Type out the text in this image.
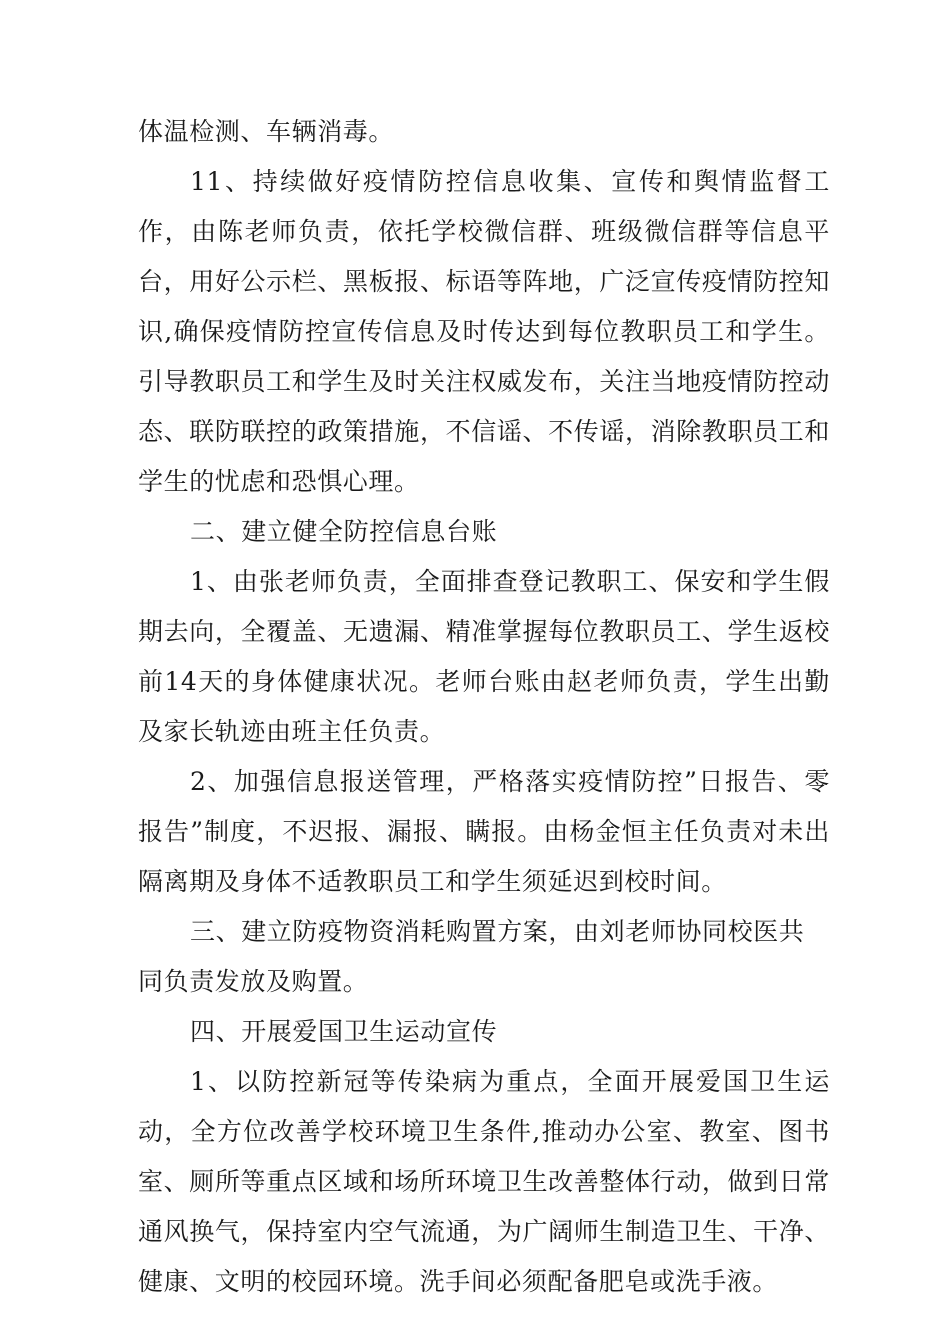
体温检测、车辆消毒。

11、持续做好疫情防控信息收集、宣传和舆情监督工作，由陈老师负责，依托学校微信群、班级微信群等信息平台，用好公示栏、黑板报、标语等阵地，广泛宣传疫情防控知识,确保疫情防控宣传信息及时传达到每位教职员工和学生。引导教职员工和学生及时关注权威发布，关注当地疫情防控动态、联防联控的政策措施，不信谣、不传谣，消除教职员工和学生的忧虑和恐惧心理。

二、建立健全防控信息台账

1、由张老师负责，全面排查登记教职工、保安和学生假期去向，全覆盖、无遗漏、精准掌握每位教职员工、学生返校前14天的身体健康状况。老师台账由赵老师负责，学生出勤及家长轨迹由班主任负责。

2、加强信息报送管理，严格落实疫情防控”日报告、零报告”制度，不迟报、漏报、瞒报。由杨金恒主任负责对未出隔离期及身体不适教职员工和学生须延迟到校时间。

三、建立防疫物资消耗购置方案，由刘老师协同校医共

同负责发放及购置。

四、开展爱国卫生运动宣传

1、以防控新冠等传染病为重点，全面开展爱国卫生运动，全方位改善学校环境卫生条件,推动办公室、教室、图书室、厕所等重点区域和场所环境卫生改善整体行动，做到日常通风换气，保持室内空气流通，为广阔师生制造卫生、干净、健康、文明的校园环境。洗手间必须配备肥皂或洗手液。
